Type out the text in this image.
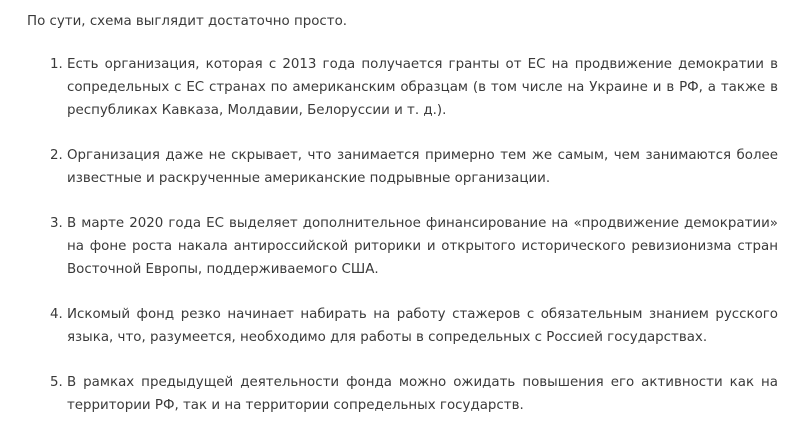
По сути, схема выглядит достаточно просто.

1. Есть организация, которая с 2013 года получается гранты от ЕС на продвижение демократии в сопредельных с ЕС странах по американским образцам (в том числе на Украине и в РФ, а также в республиках Кавказа, Молдавии, Белоруссии и т. д.).
2. Организация даже не скрывает, что занимается примерно тем же самым, чем занимаются более известные и раскрученные американские подрывные организации.
3. В марте 2020 года ЕС выделяет дополнительное финансирование на «продвижение демократии» на фоне роста накала антироссийской риторики и открытого исторического ревизионизма стран Восточной Европы, поддерживаемого США.
4. Искомый фонд резко начинает набирать на работу стажеров с обязательным знанием русского языка, что, разумеется, необходимо для работы в сопредельных с Россией государствах.
5. В рамках предыдущей деятельности фонда можно ожидать повышения его активности как на территории РФ, так и на территории сопредельных государств.
